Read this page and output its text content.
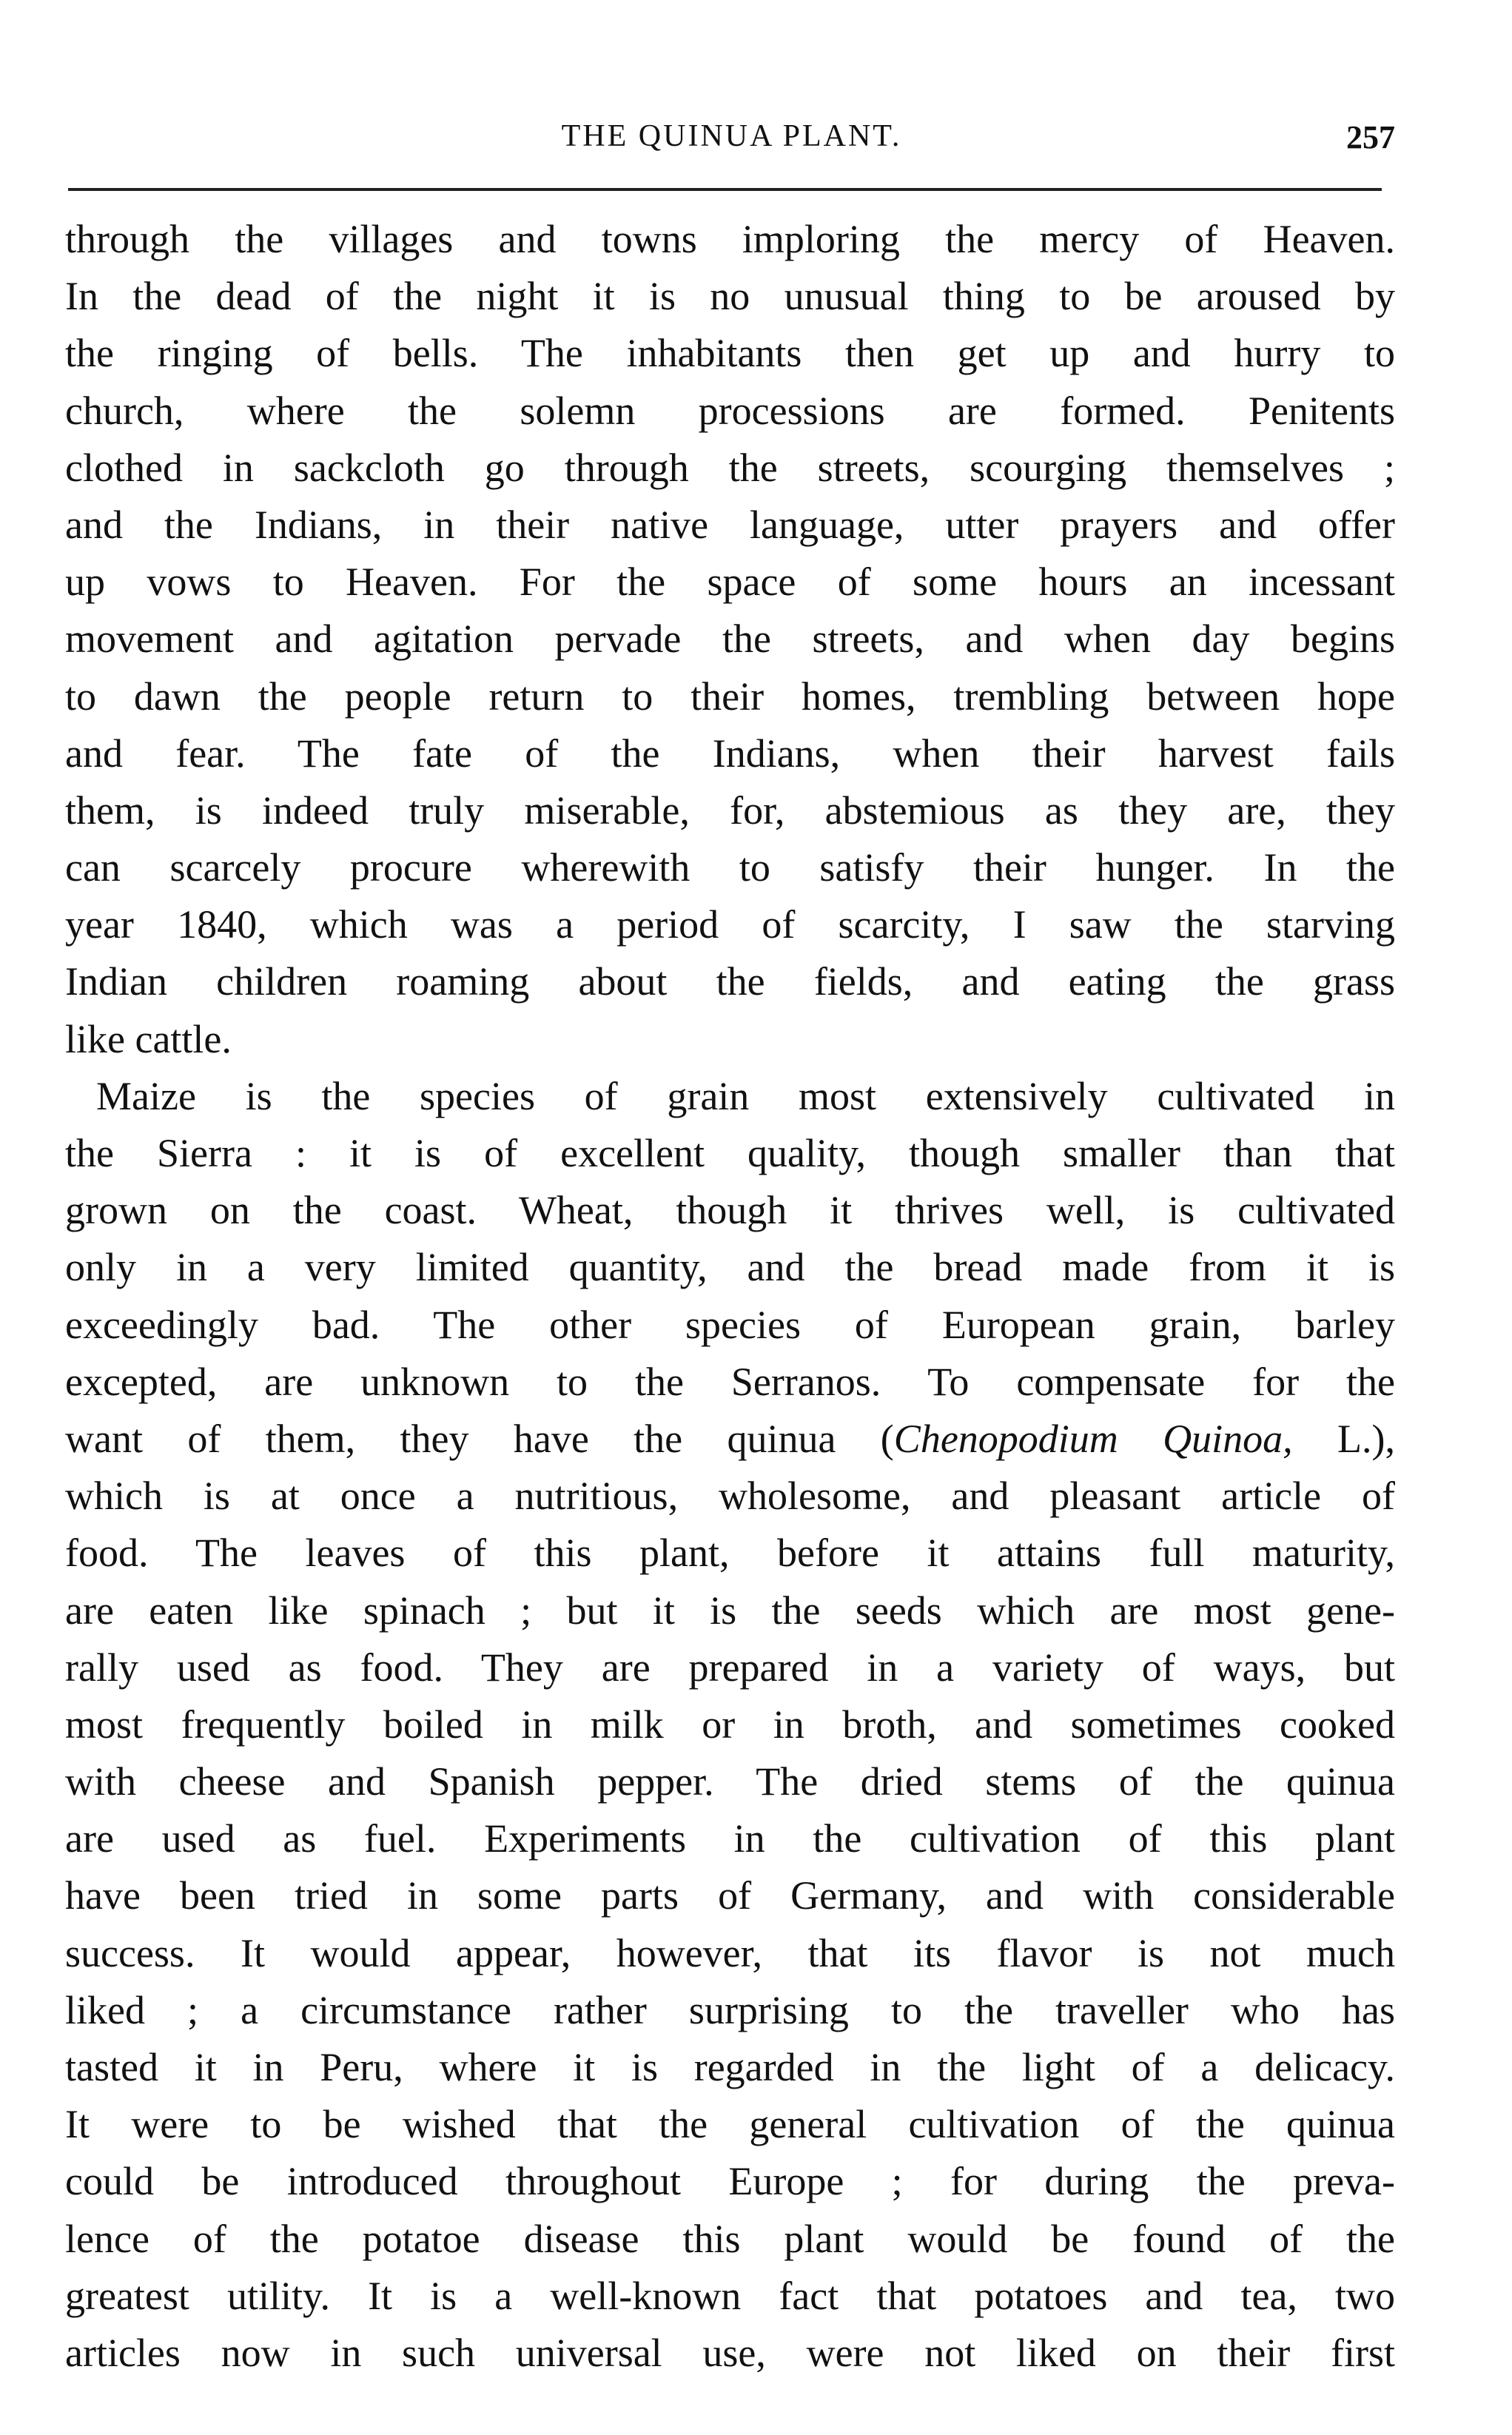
THE QUINUA PLANT.	257
through the villages and towns imploring the mercy of Heaven.
In the dead of the night it is no unusual thing to be aroused by
the ringing of bells. The inhabitants then get up and hurry to
church, where the solemn processions are formed. Penitents
clothed in sackcloth go through the streets, scourging themselves ;
and the Indians, in their native language, utter prayers and offer
up vows to Heaven. For the space of some hours an incessant
movement and agitation pervade the streets, and when day begins
to dawn the people return to their homes, trembling between hope
and fear. The fate of the Indians, when their harvest fails
them, is indeed truly miserable, for, abstemious as they are, they
can scarcely procure wherewith to satisfy their hunger. In the
year 1840, which was a period of scarcity, I saw the starving
Indian children roaming about the fields, and eating the grass
like cattle.
Maize is the species of grain most extensively cultivated in
the Sierra : it is of excellent quality, though smaller than that
grown on the coast. Wheat, though it thrives well, is cultivated
only in a very limited quantity, and the bread made from it is
exceedingly bad. The other species of European grain, barley
excepted, are unknown to the Serranos. To compensate for the
want of them, they have the quinua (Chenopodium Quinoa, L.),
which is at once a nutritious, wholesome, and pleasant article of
food. The leaves of this plant, before it attains full maturity,
are eaten like spinach ; but it is the seeds which are most gene-
rally used as food. They are prepared in a variety of ways, but
most frequently boiled in milk or in broth, and sometimes cooked
with cheese and Spanish pepper. The dried stems of the quinua
are used as fuel. Experiments in the cultivation of this plant
have been tried in some parts of Germany, and with considerable
success. It would appear, however, that its flavor is not much
liked ; a circumstance rather surprising to the traveller who has
tasted it in Peru, where it is regarded in the light of a delicacy.
It were to be wished that the general cultivation of the quinua
could be introduced throughout Europe ; for during the preva-
lence of the potatoe disease this plant would be found of the
greatest utility. It is a well-known fact that potatoes and tea, two
articles now in such universal use, were not liked on their first
